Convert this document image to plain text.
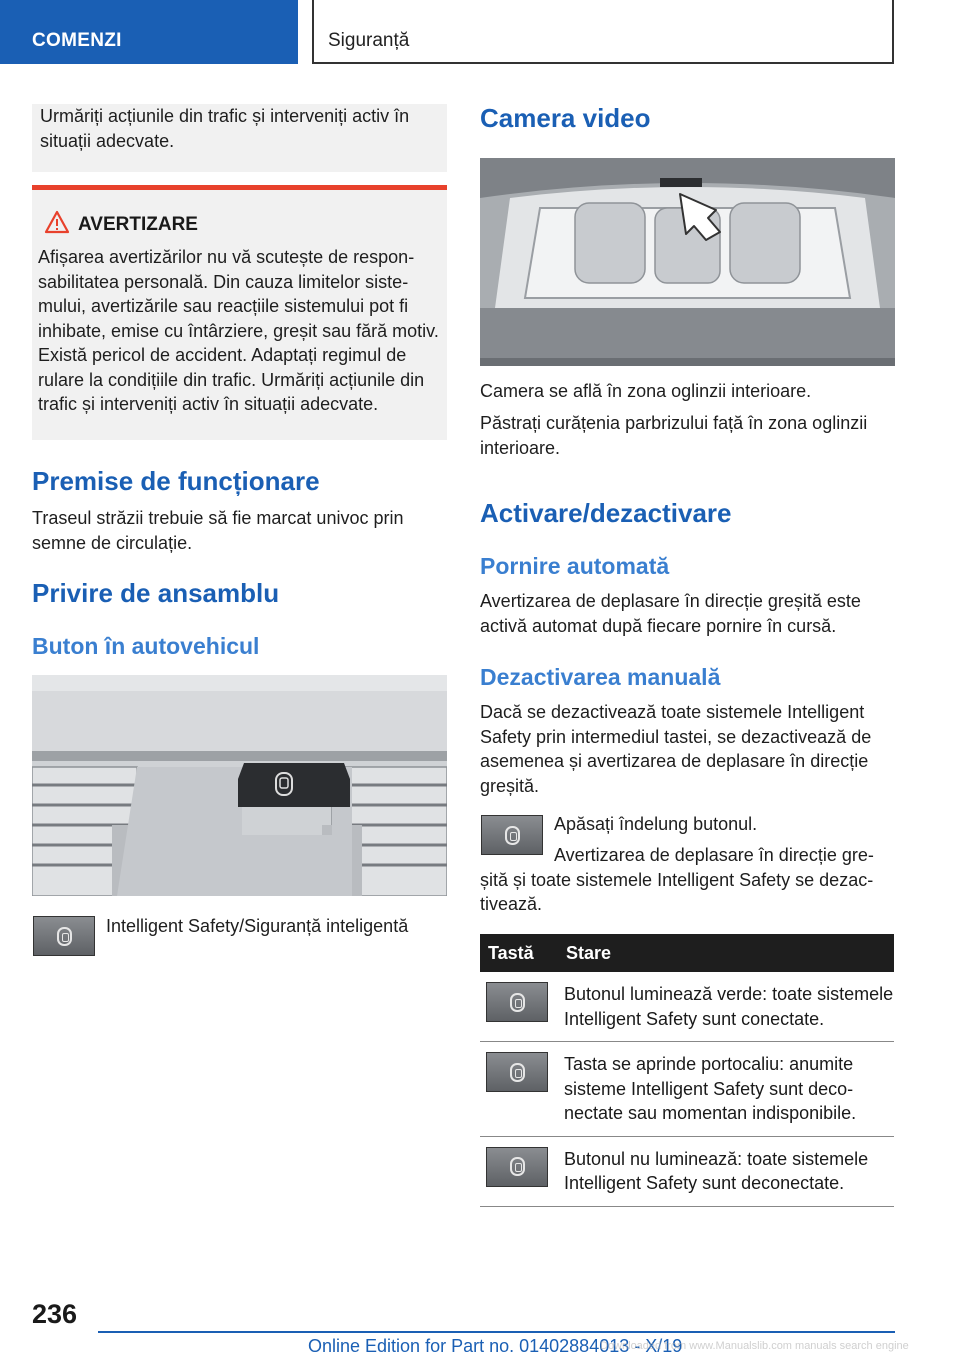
COMENZI	Siguranță
Urmăriți acțiunile din trafic și interveniți activ în situații adecvate.
AVERTIZARE
Afișarea avertizărilor nu vă scutește de responsabilitatea personală. Din cauza limitelor sistemului, avertizările sau reacțiile sistemului pot fi inhibate, emise cu întârziere, greșit sau fără motiv. Există pericol de accident. Adaptați regimul de rulare la condițiile din trafic. Urmăriți acțiunile din trafic și interveniți activ în situații adecvate.
Premise de funcționare
Traseul străzii trebuie să fie marcat univoc prin semne de circulație.
Privire de ansamblu
Buton în autovehicul
Intelligent Safety/Siguranță inteligentă
Camera video
Camera se află în zona oglinzii interioare.
Păstrați curățenia parbrizului față în zona oglinzii interioare.
Activare/dezactivare
Pornire automată
Avertizarea de deplasare în direcție greșită este activă automat după fiecare pornire în cursă.
Dezactivarea manuală
Dacă se dezactivează toate sistemele Intelligent Safety prin intermediul tastei, se dezactivează de asemenea și avertizarea de deplasare în direcție greșită.
Apăsați îndelung butonul.
Avertizarea de deplasare în direcție greșită și toate sistemele Intelligent Safety se dezactivează.
Tastă	Stare

	Butonul luminează verde: toate sistemele Intelligent Safety sunt conectate.

	Tasta se aprinde portocaliu: anumite sisteme Intelligent Safety sunt deconectate sau momentan indisponibile.

	Butonul nu luminează: toate sistemele Intelligent Safety sunt deconectate.
236
Online Edition for Part no. 01402884013 - X/19
Downloaded from www.Manualslib.com manuals search engine
